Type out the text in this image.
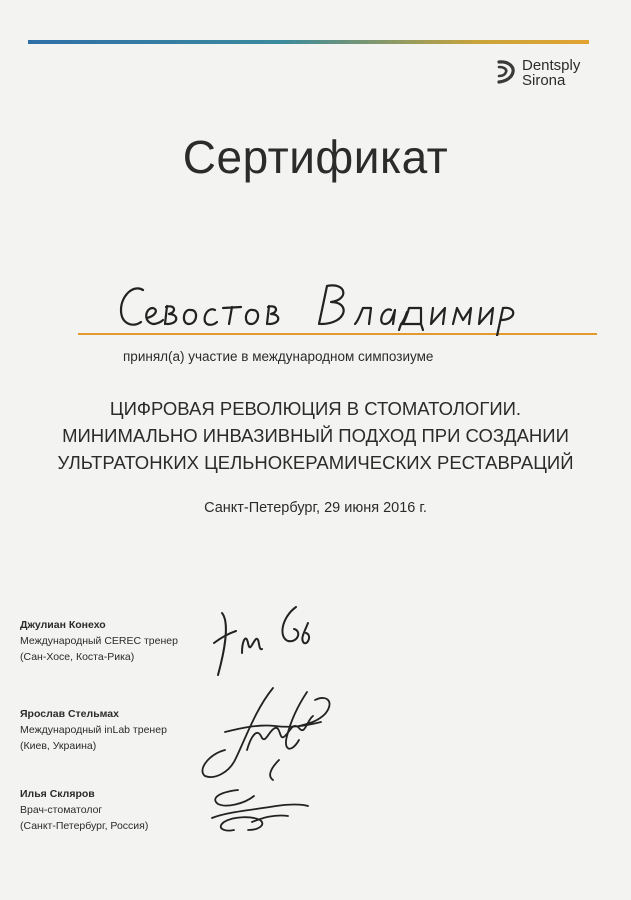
Dentsply
Sirona
Сертификат
принял(а) участие в международном симпозиуме
ЦИФРОВАЯ РЕВОЛЮЦИЯ В СТОМАТОЛОГИИ.
МИНИМАЛЬНО ИНВАЗИВНЫЙ ПОДХОД ПРИ СОЗДАНИИ
УЛЬТРАТОНКИХ ЦЕЛЬНОКЕРАМИЧЕСКИХ РЕСТАВРАЦИЙ
Санкт-Петербург, 29 июня 2016 г.
Джулиан Конехо
Международный CEREC тренер
(Сан-Хосе, Коста-Рика)
Ярослав Стельмах
Международный inLab тренер
(Киев, Украина)
Илья Скляров
Врач-стоматолог
(Санкт-Петербург, Россия)
